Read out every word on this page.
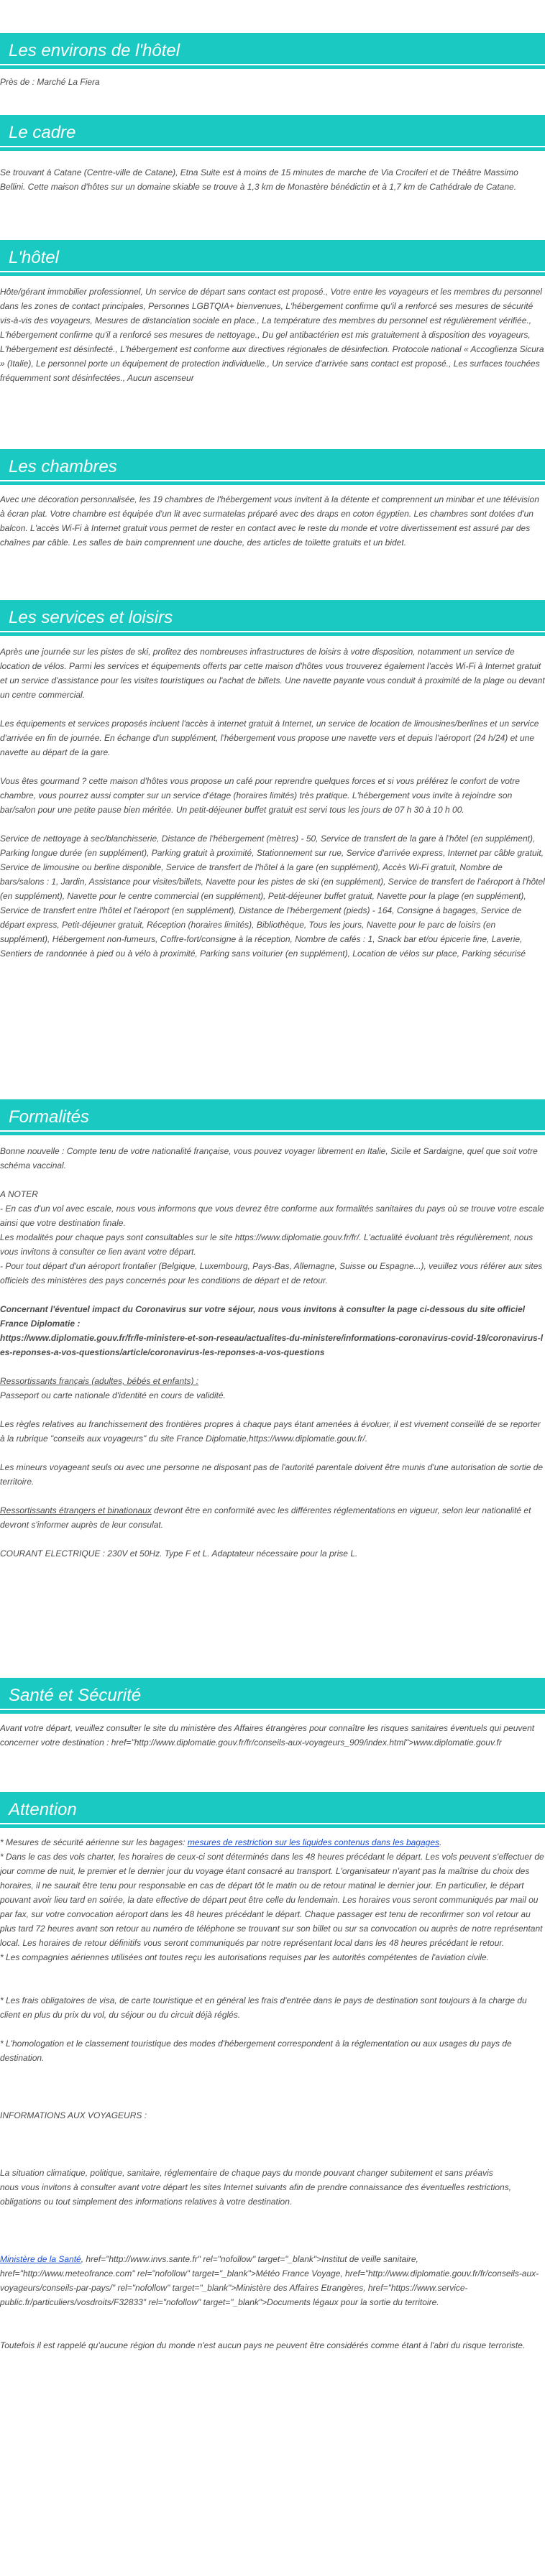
Les environs de l'hôtel

Près de : Marché La Fiera

Le cadre

Se trouvant à Catane (Centre-ville de Catane), Etna Suite est à moins de 15 minutes de marche de Via Crociferi et de Théâtre Massimo Bellini. Cette maison d'hôtes sur un domaine skiable se trouve à 1,3 km de Monastère bénédictin et à 1,7 km de Cathédrale de Catane.

L'hôtel

Hôte/gérant immobilier professionnel, Un service de départ sans contact est proposé., Votre entre les voyageurs et les membres du personnel dans les zones de contact principales, Personnes LGBTQIA+ bienvenues, L'hébergement confirme qu'il a renforcé ses mesures de sécurité vis-à-vis des voyageurs, Mesures de distanciation sociale en place., La température des membres du personnel est régulièrement vérifiée., L'hébergement confirme qu'il a renforcé ses mesures de nettoyage., Du gel antibactérien est mis gratuitement à disposition des voyageurs, L'hébergement est désinfecté., L'hébergement est conforme aux directives régionales de désinfection. Protocole national « Accoglienza Sicura » (Italie), Le personnel porte un équipement de protection individuelle., Un service d'arrivée sans contact est proposé., Les surfaces touchées fréquemment sont désinfectées., Aucun ascenseur

Les chambres

Avec une décoration personnalisée, les 19 chambres de l'hébergement vous invitent à la détente et comprennent un minibar et une télévision à écran plat. Votre chambre est équipée d'un lit avec surmatelas préparé avec des draps en coton égyptien. Les chambres sont dotées d'un balcon. L'accès Wi-Fi à Internet gratuit vous permet de rester en contact avec le reste du monde et votre divertissement est assuré par des chaînes par câble. Les salles de bain comprennent une douche, des articles de toilette gratuits et un bidet.

Les services et loisirs

Après une journée sur les pistes de ski, profitez des nombreuses infrastructures de loisirs à votre disposition, notamment un service de location de vélos. Parmi les services et équipements offerts par cette maison d'hôtes vous trouverez également l'accès Wi-Fi à Internet gratuit et un service d'assistance pour les visites touristiques ou l'achat de billets. Une navette payante vous conduit à proximité de la plage ou devant un centre commercial.

Les équipements et services proposés incluent l'accès à internet gratuit à Internet, un service de location de limousines/berlines et un service d'arrivée en fin de journée. En échange d'un supplément, l'hébergement vous propose une navette vers et depuis l'aéroport (24 h/24) et une navette au départ de la gare.

Vous êtes gourmand ? cette maison d'hôtes vous propose un café pour reprendre quelques forces et si vous préférez le confort de votre chambre, vous pourrez aussi compter sur un service d'étage (horaires limités) très pratique. L'hébergement vous invite à rejoindre son bar/salon pour une petite pause bien méritée. Un petit-déjeuner buffet gratuit est servi tous les jours de 07 h 30 à 10 h 00.

Service de nettoyage à sec/blanchisserie, Distance de l'hébergement (mètres) - 50, Service de transfert de la gare à l'hôtel (en supplément), Parking longue durée (en supplément), Parking gratuit à proximité, Stationnement sur rue, Service d'arrivée express, Internet par câble gratuit, Service de limousine ou berline disponible, Service de transfert de l'hôtel à la gare (en supplément), Accès Wi-Fi gratuit, Nombre de bars/salons : 1, Jardin, Assistance pour visites/billets, Navette pour les pistes de ski (en supplément), Service de transfert de l'aéroport à l'hôtel (en supplément), Navette pour le centre commercial (en supplément), Petit-déjeuner buffet gratuit, Navette pour la plage (en supplément), Service de transfert entre l'hôtel et l'aéroport (en supplément), Distance de l'hébergement (pieds) - 164, Consigne à bagages, Service de départ express, Petit-déjeuner gratuit, Réception (horaires limités), Bibliothèque, Tous les jours, Navette pour le parc de loisirs (en supplément), Hébergement non-fumeurs, Coffre-fort/consigne à la réception, Nombre de cafés : 1, Snack bar et/ou épicerie fine, Laverie, Sentiers de randonnée à pied ou à vélo à proximité, Parking sans voiturier (en supplément), Location de vélos sur place, Parking sécurisé

Formalités

Bonne nouvelle : Compte tenu de votre nationalité française, vous pouvez voyager librement en Italie, Sicile et Sardaigne, quel que soit votre schéma vaccinal.

A NOTER
- En cas d'un vol avec escale, nous vous informons que vous devrez être conforme aux formalités sanitaires du pays où se trouve votre escale ainsi que votre destination finale.
Les modalités pour chaque pays sont consultables sur le site https://www.diplomatie.gouv.fr/fr/. L'actualité évoluant très régulièrement, nous vous invitons à consulter ce lien avant votre départ.
- Pour tout départ d'un aéroport frontalier (Belgique, Luxembourg, Pays-Bas, Allemagne, Suisse ou Espagne...), veuillez vous référer aux sites officiels des ministères des pays concernés pour les conditions de départ et de retour.

Concernant l'éventuel impact du Coronavirus sur votre séjour, nous vous invitons à consulter la page ci-dessous du site officiel France Diplomatie :
https://www.diplomatie.gouv.fr/fr/le-ministere-et-son-reseau/actualites-du-ministere/informations-coronavirus-covid-19/coronavirus-les-reponses-a-vos-questions/article/coronavirus-les-reponses-a-vos-questions

Ressortissants français (adultes, bébés et enfants) :
Passeport ou carte nationale d'identité en cours de validité.

Les règles relatives au franchissement des frontières propres à chaque pays étant amenées à évoluer, il est vivement conseillé de se reporter à la rubrique "conseils aux voyageurs" du site France Diplomatie,https://www.diplomatie.gouv.fr/.

Les mineurs voyageant seuls ou avec une personne ne disposant pas de l'autorité parentale doivent être munis d'une autorisation de sortie de territoire.

Ressortissants étrangers et binationaux devront être en conformité avec les différentes réglementations en vigueur, selon leur nationalité et devront s'informer auprès de leur consulat.

COURANT ELECTRIQUE : 230V et 50Hz. Type F et L. Adaptateur nécessaire pour la prise L.

Santé et Sécurité

Avant votre départ, veuillez consulter le site du ministère des Affaires étrangères pour connaître les risques sanitaires éventuels qui peuvent concerner votre destination : href="http://www.diplomatie.gouv.fr/fr/conseils-aux-voyageurs_909/index.html">www.diplomatie.gouv.fr

Attention

* Mesures de sécurité aérienne sur les bagages: mesures de restriction sur les liquides contenus dans les bagages.
* Dans le cas des vols charter, les horaires de ceux-ci sont déterminés dans les 48 heures précédant le départ. Les vols peuvent s'effectuer de jour comme de nuit, le premier et le dernier jour du voyage étant consacré au transport. L'organisateur n'ayant pas la maîtrise du choix des horaires, il ne saurait être tenu pour responsable en cas de départ tôt le matin ou de retour matinal le dernier jour. En particulier, le départ pouvant avoir lieu tard en soirée, la date effective de départ peut être celle du lendemain. Les horaires vous seront communiqués par mail ou par fax, sur votre convocation aéroport dans les 48 heures précédant le départ. Chaque passager est tenu de reconfirmer son vol retour au plus tard 72 heures avant son retour au numéro de téléphone se trouvant sur son billet ou sur sa convocation ou auprès de notre représentant local. Les horaires de retour définitifs vous seront communiqués par notre représentant local dans les 48 heures précédant le retour.
* Les compagnies aériennes utilisées ont toutes reçu les autorisations requises par les autorités compétentes de l'aviation civile.

* Les frais obligatoires de visa, de carte touristique et en général les frais d'entrée dans le pays de destination sont toujours à la charge du client en plus du prix du vol, du séjour ou du circuit déjà réglés.

* L'homologation et le classement touristique des modes d'hébergement correspondent à la réglementation ou aux usages du pays de destination.

INFORMATIONS AUX VOYAGEURS :

La situation climatique, politique, sanitaire, réglementaire de chaque pays du monde pouvant changer subitement et sans préavis
nous vous invitons à consulter avant votre départ les sites Internet suivants afin de prendre connaissance des éventuelles restrictions, obligations ou tout simplement des informations relatives à votre destination.

Ministère de la Santé, href="http://www.invs.sante.fr" rel="nofollow" target="_blank">Institut de veille sanitaire, href="http://www.meteofrance.com" rel="nofollow" target="_blank">Météo France Voyage, href="http://www.diplomatie.gouv.fr/fr/conseils-aux-voyageurs/conseils-par-pays/" rel="nofollow" target="_blank">Ministère des Affaires Etrangères, href="https://www.service-public.fr/particuliers/vosdroits/F32833" rel="nofollow" target="_blank">Documents légaux pour la sortie du territoire.

Toutefois il est rappelé qu'aucune région du monde n'est aucun pays ne peuvent être considérés comme étant à l'abri du risque terroriste.
